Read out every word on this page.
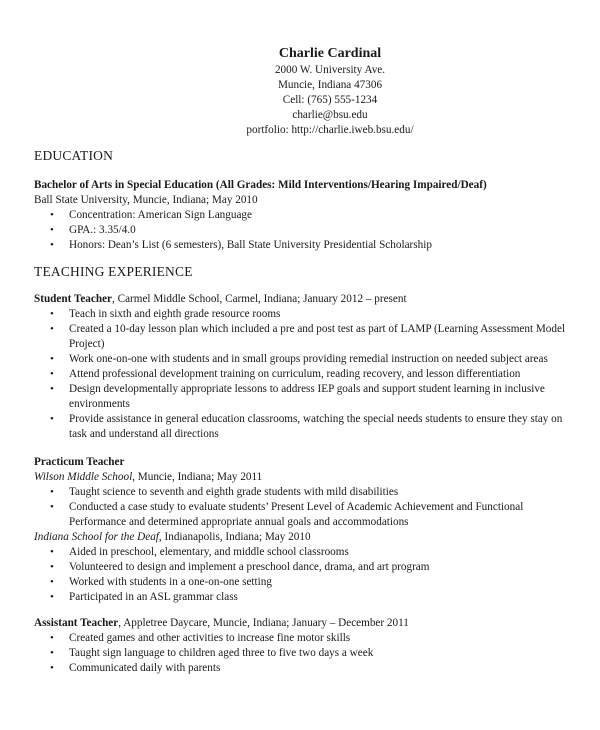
Charlie Cardinal
2000 W. University Ave.
Muncie, Indiana 47306
Cell: (765) 555-1234
charlie@bsu.edu
portfolio: http://charlie.iweb.bsu.edu/
EDUCATION
Bachelor of Arts in Special Education (All Grades: Mild Interventions/Hearing Impaired/Deaf)
Ball State University, Muncie, Indiana; May 2010
• Concentration: American Sign Language
• GPA.: 3.35/4.0
• Honors: Dean’s List (6 semesters), Ball State University Presidential Scholarship
TEACHING EXPERIENCE
Student Teacher, Carmel Middle School, Carmel, Indiana; January 2012 – present
• Teach in sixth and eighth grade resource rooms
• Created a 10-day lesson plan which included a pre and post test as part of LAMP (Learning Assessment Model Project)
• Work one-on-one with students and in small groups providing remedial instruction on needed subject areas
• Attend professional development training on curriculum, reading recovery, and lesson differentiation
• Design developmentally appropriate lessons to address IEP goals and support student learning in inclusive environments
• Provide assistance in general education classrooms, watching the special needs students to ensure they stay on task and understand all directions
Practicum Teacher
Wilson Middle School, Muncie, Indiana; May 2011
• Taught science to seventh and eighth grade students with mild disabilities
• Conducted a case study to evaluate students’ Present Level of Academic Achievement and Functional Performance and determined appropriate annual goals and accommodations
Indiana School for the Deaf, Indianapolis, Indiana; May 2010
• Aided in preschool, elementary, and middle school classrooms
• Volunteered to design and implement a preschool dance, drama, and art program
• Worked with students in a one-on-one setting
• Participated in an ASL grammar class
Assistant Teacher, Appletree Daycare, Muncie, Indiana; January – December 2011
• Created games and other activities to increase fine motor skills
• Taught sign language to children aged three to five two days a week
• Communicated daily with parents
